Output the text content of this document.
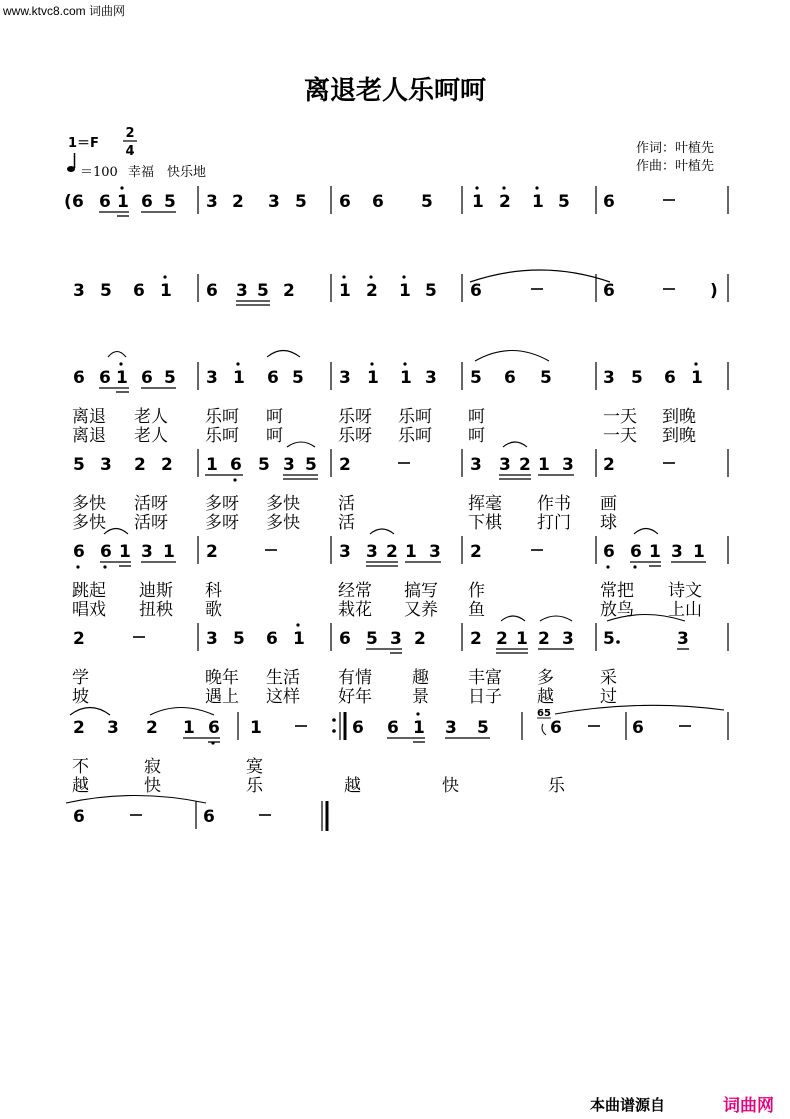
www.ktvc8.com 词曲网
离退老人乐呵呵
1＝F
2
4
＝100 幸福　快乐地
作词：叶植先
作曲：叶植先
( 6 6 1 6 5 3 2 3 5 6 6 5 1 2 1 5 6
3 5 6 1 6 3 5 2	1 2 1 5 6	6	)
6 6 1 6 5 3 1 6 5 3 1 1 3 5 6 5	3 5 6 1
5 3 2 2 1 6 5 3 5 2	3 3 2 1 3 2
6 6 1 3 1 2	3 3 2 1 3 2	6 6 1 3 1
2	3 5 6 1 6 5 3 2	2 2 1 2 3 5	3
2 3 2 1 6 1	6 6 1 3 5
65
6	6
6	6
离退 老人 乐呵 呵	乐呀 乐呵 呵	一天 到晚
离退 老人 乐呵 呵	乐呀 乐呵 呵	一天 到晚
多快 活呀 多呀 多快 活	挥毫 作书 画
多快 活呀 多呀 多快 活	下棋 打门 球
跳起 迪斯 科	经常 搞写 作	常把 诗文
唱戏 扭秧 歌	栽花 又养 鱼	放鸟 上山
学	晚年 生活 有情 趣 丰富 多	采
坡	遇上 这样 好年 景 日子 越	过
不	寂	寞
越	快	乐	越	快	乐
本曲谱源自	词曲网
